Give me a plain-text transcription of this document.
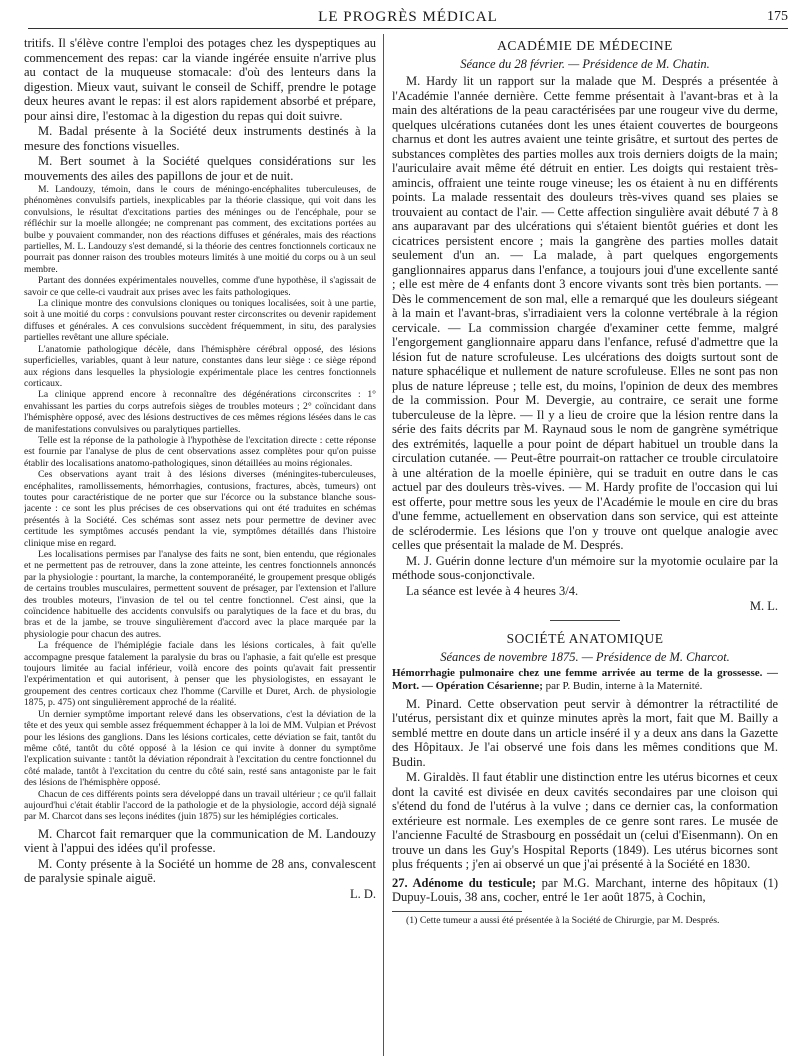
LE PROGRÈS MÉDICAL	175

tritifs. Il s'élève contre l'emploi des potages chez les dyspeptiques au commencement des repas: car la viande ingérée ensuite n'arrive plus au contact de la muqueuse stomacale: d'où des lenteurs dans la digestion. Mieux vaut, suivant le conseil de Schiff, prendre le potage deux heures avant le repas: il est alors rapidement absorbé et prépare, pour ainsi dire, l'estomac à la digestion du repas qui doit suivre.

M. Badal présente à la Société deux instruments destinés à la mesure des fonctions visuelles.

M. Bert soumet à la Société quelques considérations sur les mouvements des ailes des papillons de jour et de nuit.

M. Landouzy, témoin, dans le cours de méningo-encéphalites tuberculeuses, de phénomènes convulsifs partiels, inexplicables par la théorie classique, qui voit dans les convulsions, le résultat d'excitations parties des méninges ou de l'encéphale, pour se réfléchir sur la moelle allongée; ne comprenant pas comment, des excitations portées au bulbe y pouvaient commander, non des réactions diffuses et générales, mais des réactions partielles, M. L. Landouzy s'est demandé, si la théorie des centres fonctionnels corticaux ne pourrait pas donner raison des troubles moteurs limités à une moitié du corps ou à un seul membre.

Partant des données expérimentales nouvelles, comme d'une hypothèse, il s'agissait de savoir ce que celle-ci vaudrait aux prises avec les faits pathologiques.

La clinique montre des convulsions cloniques ou toniques localisées, soit à une partie, soit à une moitié du corps : convulsions pouvant rester circonscrites ou devenir rapidement diffuses et générales. A ces convulsions succèdent fréquemment, in situ, des paralysies partielles revêtant une allure spéciale.

L'anatomie pathologique décèle, dans l'hémisphère cérébral opposé, des lésions superficielles, variables, quant à leur nature, constantes dans leur siège : ce siège répond aux régions dans lesquelles la physiologie expérimentale place les centres fonctionnels corticaux.

La clinique apprend encore à reconnaître des dégénérations circonscrites : 1° envahissant les parties du corps autrefois sièges de troubles moteurs ; 2° coïncidant dans l'hémisphère opposé, avec des lésions destructives de ces mêmes régions lésées dans le cas de manifestations convulsives ou paralytiques partielles.

Telle est la réponse de la pathologie à l'hypothèse de l'excitation directe : cette réponse est fournie par l'analyse de plus de cent observations assez complètes pour qu'on puisse établir des localisations anatomo-pathologiques, sinon détaillées au moins régionales.

Ces observations ayant trait à des lésions diverses (méningites-tuberculeuses, encéphalites, ramollissements, hémorrhagies, contusions, fractures, abcès, tumeurs) ont toutes pour caractéristique de ne porter que sur l'écorce ou la substance blanche sous-jacente : ce sont les plus précises de ces observations qui ont été traduites en schémas présentés à la Société. Ces schémas sont assez nets pour permettre de deviner avec certitude les symptômes accusés pendant la vie, symptômes détaillés dans l'histoire clinique mise en regard.

Les localisations permises par l'analyse des faits ne sont, bien entendu, que régionales et ne permettent pas de retrouver, dans la zone atteinte, les centres fonctionnels annoncés par la physiologie : pourtant, la marche, la contemporanéité, le groupement presque obligés de certains troubles musculaires, permettent souvent de présager, par l'extension et l'allure des troubles moteurs, l'invasion de tel ou tel centre fonctionnel. C'est ainsi, que la coïncidence habituelle des accidents convulsifs ou paralytiques de la face et du bras, du bras et de la jambe, se trouve singulièrement d'accord avec la place marquée par la physiologie pour chacun des autres.

La fréquence de l'hémiplégie faciale dans les lésions corticales, à fait qu'elle accompagne presque fatalement la paralysie du bras ou l'aphasie, a fait qu'elle est presque toujours limitée au facial inférieur, voilà encore des points qu'avait fait pressentir l'expérimentation et qui autorisent, à penser que les physiologistes, en essayant le groupement des centres corticaux chez l'homme (Carville et Duret, Arch. de physiologie 1875, p. 475) ont singulièrement approché de la réalité.

Un dernier symptôme important relevé dans les observations, c'est la déviation de la tête et des yeux qui semble assez fréquemment échapper à la loi de MM. Vulpian et Prévost pour les lésions des ganglions. Dans les lésions corticales, cette déviation se fait, tantôt du même côté, tantôt du côté opposé à la lésion ce qui invite à donner du symptôme l'explication suivante : tantôt la déviation répondrait à l'excitation du centre fonctionnel du côté malade, tantôt à l'excitation du centre du côté sain, resté sans antagoniste par le fait des lésions de l'hémisphère opposé.

Chacun de ces différents points sera développé dans un travail ultérieur ; ce qu'il fallait aujourd'hui c'était établir l'accord de la pathologie et de la physiologie, accord déjà signalé par M. Charcot dans ses leçons inédites (juin 1875) sur les hémiplégies corticales.

M. Charcot fait remarquer que la communication de M. Landouzy vient à l'appui des idées qu'il professe.

M. Conty présente à la Société un homme de 28 ans, convalescent de paralysie spinale aiguë.

L. D.
ACADÉMIE DE MÉDECINE
Séance du 28 février. — Présidence de M. Chatin.

M. Hardy lit un rapport sur la malade que M. Després a présentée à l'Académie l'année dernière. Cette femme présentait à l'avant-bras et à la main des altérations de la peau caractérisées par une rougeur vive du derme, quelques ulcérations cutanées dont les unes étaient couvertes de bourgeons charnus et dont les autres avaient une teinte grisâtre, et surtout des pertes de substances complètes des parties molles aux trois derniers doigts de la main; l'auriculaire avait même été détruit en entier. Les doigts qui restaient très-amincis, offraient une teinte rouge vineuse; les os étaient à nu en différents points. La malade ressentait des douleurs très-vives quand ses plaies se trouvaient au contact de l'air. — Cette affection singulière avait débuté 7 à 8 ans auparavant par des ulcérations qui s'étaient bientôt guéries et dont les cicatrices persistent encore ; mais la gangrène des parties molles datait seulement d'un an. — La malade, à part quelques engorgements ganglionnaires apparus dans l'enfance, a toujours joui d'une excellente santé ; elle est mère de 4 enfants dont 3 encore vivants sont très bien portants. — Dès le commencement de son mal, elle a remarqué que les douleurs siégeant à la main et l'avant-bras, s'irradiaient vers la colonne vertébrale à la région cervicale. — La commission chargée d'examiner cette femme, malgré l'engorgement ganglionnaire apparu dans l'enfance, refusé d'admettre que la lésion fut de nature scrofuleuse. Les ulcérations des doigts surtout sont de nature sphacélique et nullement de nature scrofuleuse. Elles ne sont pas non plus de nature lépreuse ; telle est, du moins, l'opinion de deux des membres de la commission. Pour M. Devergie, au contraire, ce serait une forme tuberculeuse de la lèpre. — Il y a lieu de croire que la lésion rentre dans la série des faits décrits par M. Raynaud sous le nom de gangrène symétrique des extrémités, laquelle a pour point de départ habituel un trouble dans la circulation cutanée. — Peut-être pourrait-on rattacher ce trouble circulatoire à une altération de la moelle épinière, qui se traduit en outre dans le cas actuel par des douleurs très-vives. — M. Hardy profite de l'occasion qui lui est offerte, pour mettre sous les yeux de l'Académie le moule en cire du bras d'une femme, actuellement en observation dans son service, qui est atteinte de sclérodermie. Les lésions que l'on y trouve ont quelque analogie avec celles que présentait la malade de M. Després.

M. J. Guérin donne lecture d'un mémoire sur la myotomie oculaire par la méthode sous-conjonctivale.

La séance est levée à 4 heures 3/4.

M. L.
SOCIÉTÉ ANATOMIQUE
Séances de novembre 1875. — Présidence de M. Charcot.
Hémorrhagie pulmonaire chez une femme arrivée au terme de la grossesse. — Mort. — Opération Césarienne; par P. Budin, interne à la Maternité.

M. Pinard. Cette observation peut servir à démontrer la rétractilité de l'utérus, persistant dix et quinze minutes après la mort, fait que M. Bailly a semblé mettre en doute dans un article inséré il y a deux ans dans la Gazette des Hôpitaux. Je l'ai observé une fois dans les mêmes conditions que M. Budin.

M. Giraldès. Il faut établir une distinction entre les utérus bicornes et ceux dont la cavité est divisée en deux cavités secondaires par une cloison qui s'étend du fond de l'utérus à la vulve ; dans ce dernier cas, la conformation extérieure est normale. Les exemples de ce genre sont rares. Le musée de l'ancienne Faculté de Strasbourg en possédait un (celui d'Eisenmann). On en trouve un dans les Guy's Hospital Reports (1849). Les utérus bicornes sont plus fréquents ; j'en ai observé un que j'ai présenté à la Société en 1830.

27. Adénome du testicule; par M.G. Marchant, interne des hôpitaux (1) Dupuy-Louis, 38 ans, cocher, entré le 1er août 1875, à Cochin,

(1) Cette tumeur a aussi été présentée à la Société de Chirurgie, par M. Després.
